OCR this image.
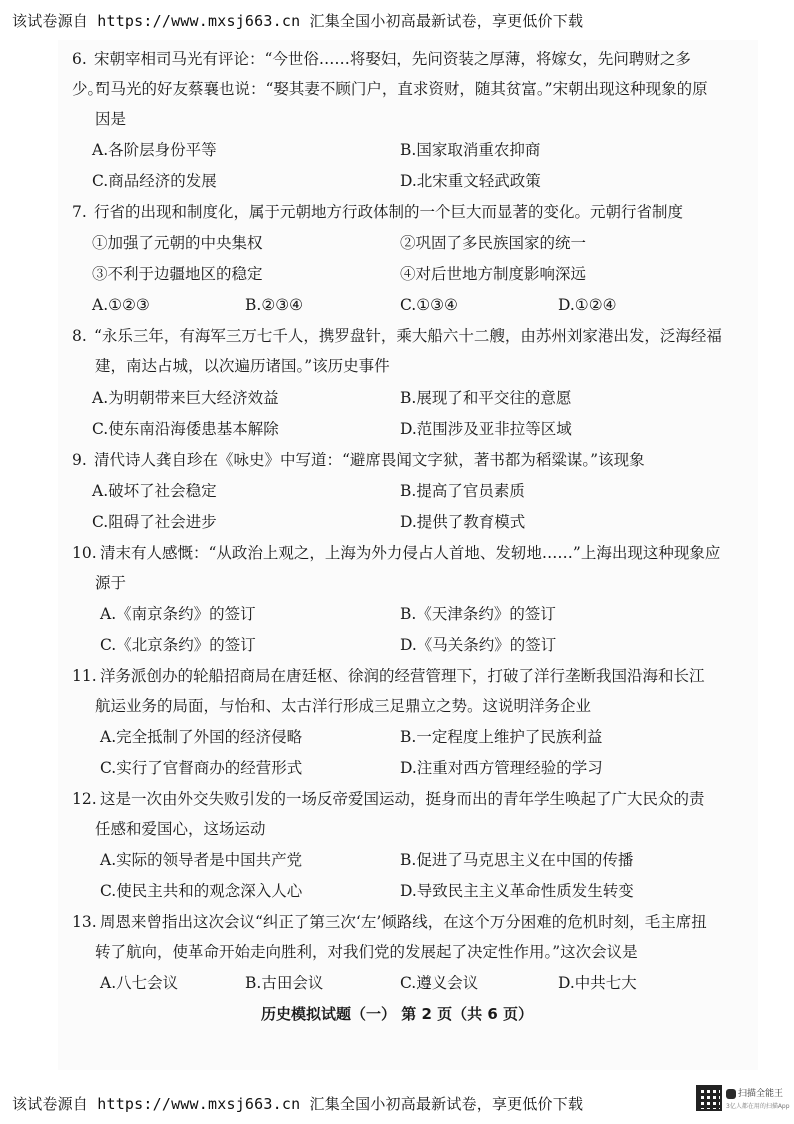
该试卷源自 https://www.mxsj663.cn 汇集全国小初高最新试卷，享更低价下载
6. 宋朝宰相司马光有评论：“今世俗……将娶妇，先问资装之厚薄，将嫁女，先问聘财之多少。”
司马光的好友蔡襄也说：“娶其妻不顾门户，直求资财，随其贫富。”宋朝出现这种现象的原
因是
A.各阶层身份平等	B.国家取消重农抑商
C.商品经济的发展	D.北宋重文轻武政策
7. 行省的出现和制度化，属于元朝地方行政体制的一个巨大而显著的变化。元朝行省制度
①加强了元朝的中央集权	②巩固了多民族国家的统一
③不利于边疆地区的稳定	④对后世地方制度影响深远
A.①②③	B.②③④	C.①③④	D.①②④
8. “永乐三年，有海军三万七千人，携罗盘针，乘大船六十二艘，由苏州刘家港出发，泛海经福
建，南达占城，以次遍历诸国。”该历史事件
A.为明朝带来巨大经济效益	B.展现了和平交往的意愿
C.使东南沿海倭患基本解除	D.范围涉及亚非拉等区域
9. 清代诗人龚自珍在《咏史》中写道：“避席畏闻文字狱，著书都为稻粱谋。”该现象
A.破坏了社会稳定	B.提高了官员素质
C.阻碍了社会进步	D.提供了教育模式
10. 清末有人感慨：“从政治上观之，上海为外力侵占人首地、发轫地……”上海出现这种现象应
源于
A.《南京条约》的签订	B.《天津条约》的签订
C.《北京条约》的签订	D.《马关条约》的签订
11. 洋务派创办的轮船招商局在唐廷枢、徐润的经营管理下，打破了洋行垄断我国沿海和长江
航运业务的局面，与怡和、太古洋行形成三足鼎立之势。这说明洋务企业
A.完全抵制了外国的经济侵略	B.一定程度上维护了民族利益
C.实行了官督商办的经营形式	D.注重对西方管理经验的学习
12. 这是一次由外交失败引发的一场反帝爱国运动，挺身而出的青年学生唤起了广大民众的责
任感和爱国心，这场运动
A.实际的领导者是中国共产党	B.促进了马克思主义在中国的传播
C.使民主共和的观念深入人心	D.导致民主主义革命性质发生转变
13. 周恩来曾指出这次会议“纠正了第三次‘左’倾路线，在这个万分困难的危机时刻，毛主席扭
转了航向，使革命开始走向胜利，对我们党的发展起了决定性作用。”这次会议是
A.八七会议	B.古田会议	C.遵义会议	D.中共七大
历史模拟试题（一） 第 2 页（共 6 页）
该试卷源自 https://www.mxsj663.cn 汇集全国小初高最新试卷，享更低价下载
扫描全能王
3亿人都在用的扫描App
